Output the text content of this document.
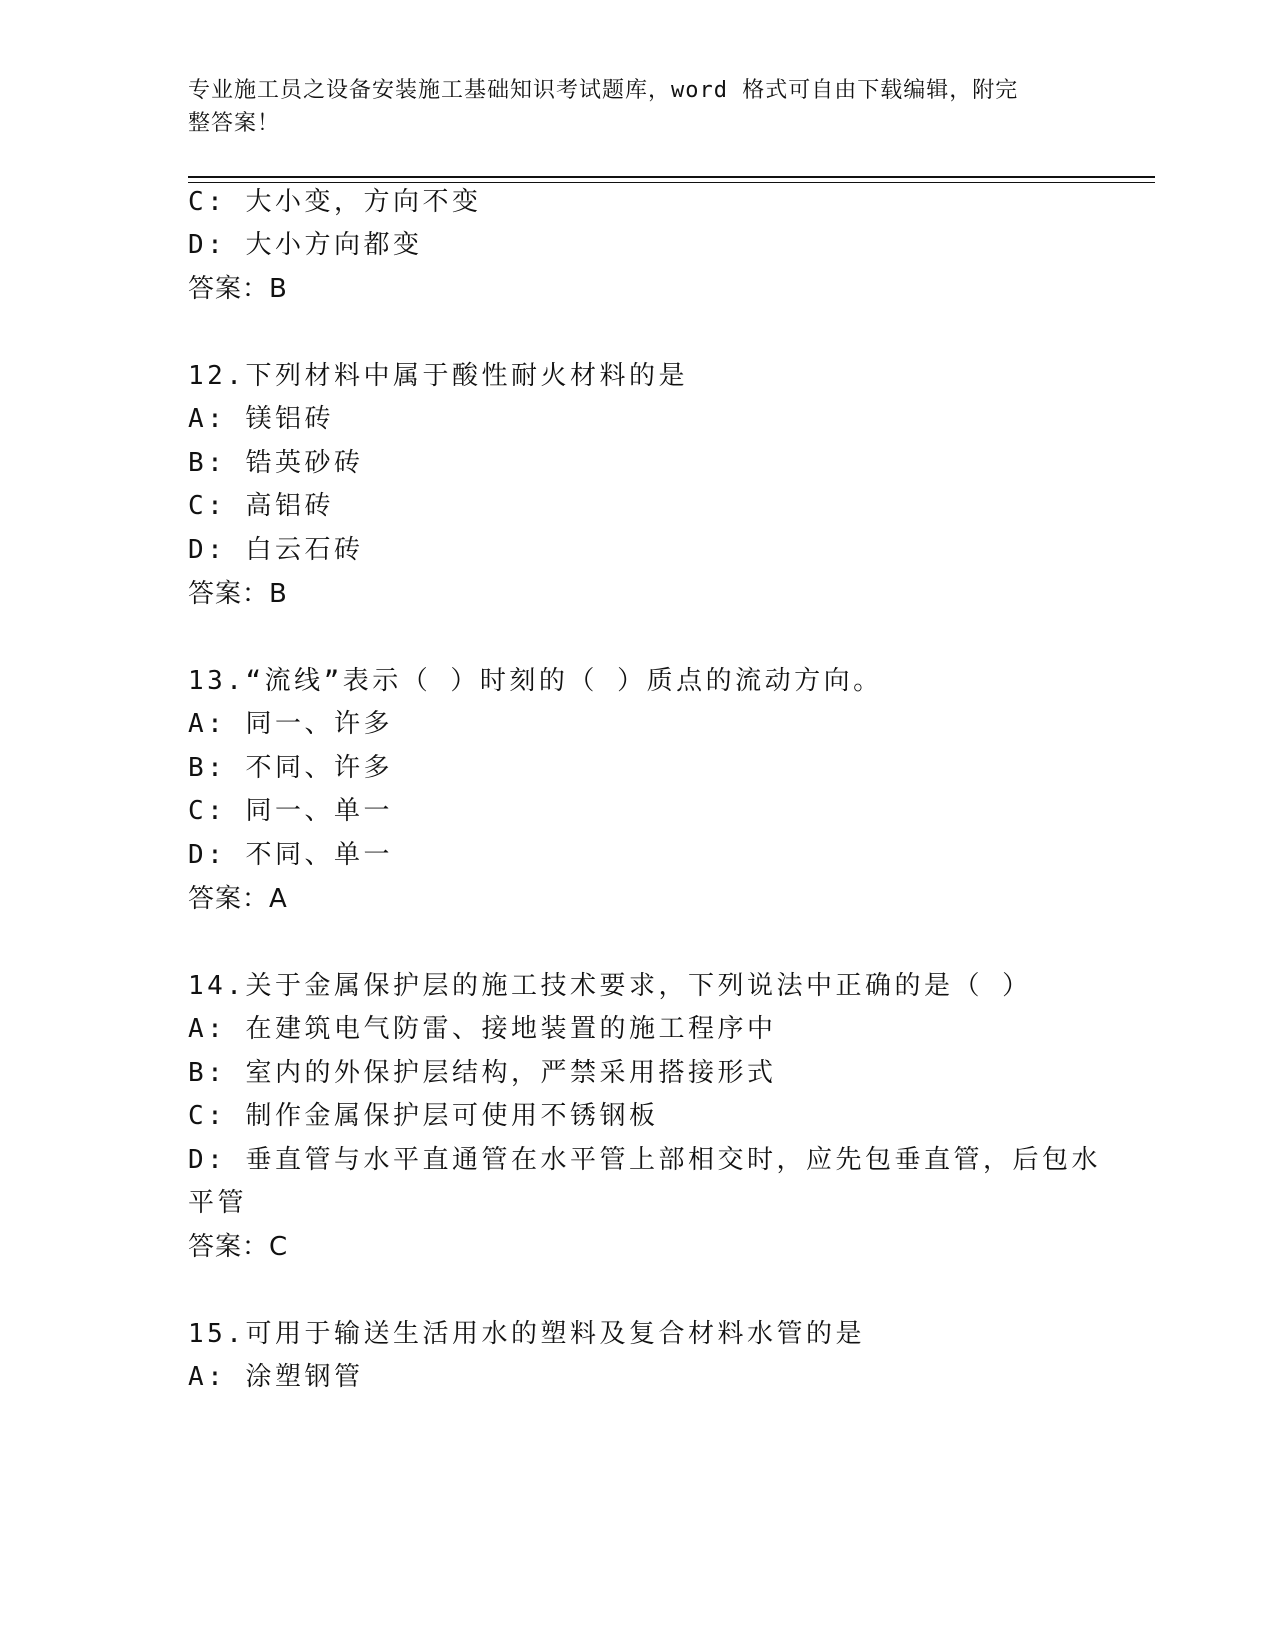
专业施工员之设备安装施工基础知识考试题库，word 格式可自由下载编辑，附完
整答案！
C: 大小变，方向不变
D: 大小方向都变
答案：B
12.下列材料中属于酸性耐火材料的是
A: 镁铝砖
B: 锆英砂砖
C: 高铝砖
D: 白云石砖
答案：B
13.“流线”表示（ ）时刻的（ ）质点的流动方向。
A: 同一、许多
B: 不同、许多
C: 同一、单一
D: 不同、单一
答案：A
14.关于金属保护层的施工技术要求，下列说法中正确的是（ ）
A: 在建筑电气防雷、接地装置的施工程序中
B: 室内的外保护层结构，严禁采用搭接形式
C: 制作金属保护层可使用不锈钢板
D: 垂直管与水平直通管在水平管上部相交时，应先包垂直管，后包水
平管
答案：C
15.可用于输送生活用水的塑料及复合材料水管的是
A: 涂塑钢管
